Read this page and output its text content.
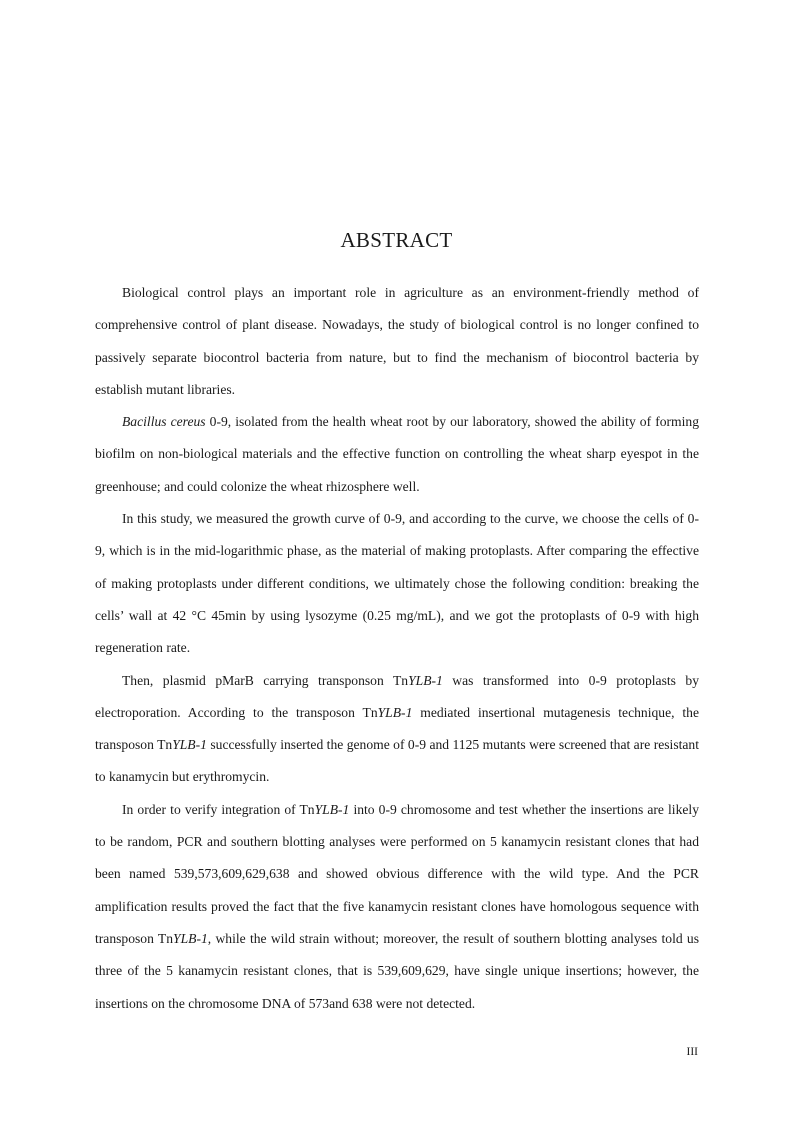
ABSTRACT

Biological control plays an important role in agriculture as an environment-friendly method of comprehensive control of plant disease. Nowadays, the study of biological control is no longer confined to passively separate biocontrol bacteria from nature, but to find the mechanism of biocontrol bacteria by establish mutant libraries.

Bacillus cereus 0-9, isolated from the health wheat root by our laboratory, showed the ability of forming biofilm on non-biological materials and the effective function on controlling the wheat sharp eyespot in the greenhouse; and could colonize the wheat rhizosphere well.

In this study, we measured the growth curve of 0-9, and according to the curve, we choose the cells of 0-9, which is in the mid-logarithmic phase, as the material of making protoplasts. After comparing the effective of making protoplasts under different conditions, we ultimately chose the following condition: breaking the cells’ wall at 42 °C 45min by using lysozyme (0.25 mg/mL), and we got the protoplasts of 0-9 with high regeneration rate.

Then, plasmid pMarB carrying transponson TnYLB-1 was transformed into 0-9 protoplasts by electroporation. According to the transposon TnYLB-1 mediated insertional mutagenesis technique, the transposon TnYLB-1 successfully inserted the genome of 0-9 and 1125 mutants were screened that are resistant to kanamycin but erythromycin.

In order to verify integration of TnYLB-1 into 0-9 chromosome and test whether the insertions are likely to be random, PCR and southern blotting analyses were performed on 5 kanamycin resistant clones that had been named 539,573,609,629,638 and showed obvious difference with the wild type. And the PCR amplification results proved the fact that the five kanamycin resistant clones have homologous sequence with transposon TnYLB-1, while the wild strain without; moreover, the result of southern blotting analyses told us three of the 5 kanamycin resistant clones, that is 539,609,629, have single unique insertions; however, the insertions on the chromosome DNA of 573and 638 were not detected.

III
